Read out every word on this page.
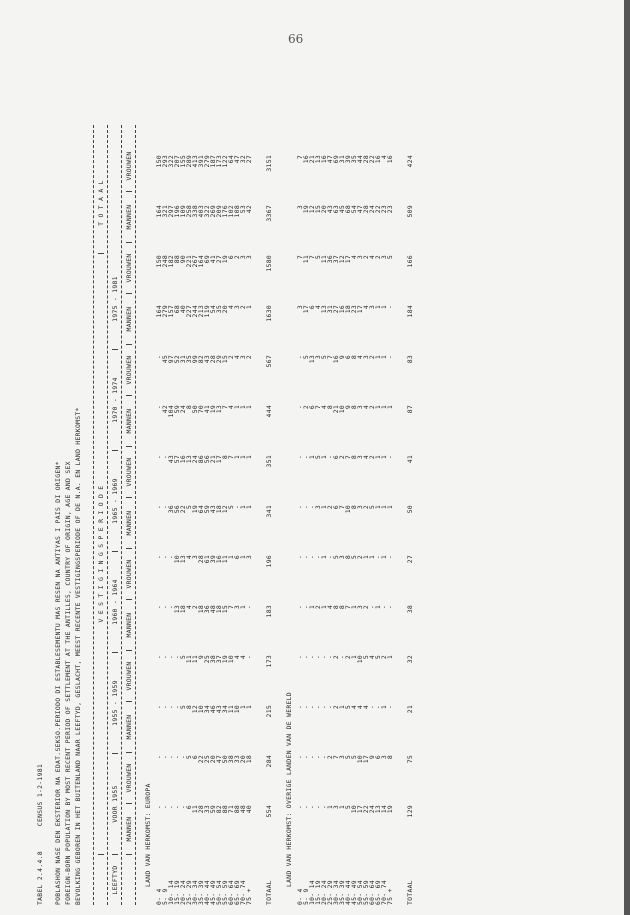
66
TABEL 2.4.4.8      CENSUS 1-2-1981 POBLASHON NASE DEN EKSTERIOR NA EDAT.SEKSO.PERIODO DI ESTABLESEMENTU MAS RESEN NA ANTIYAS I PAIS DI ORIGEN* FOREIGN-BORN POPULATION BY MOST RECENT PERIOD OF SETTLEMENT AT THE ANTILLES, COUNTRY OF ORIGIN, AGE AND SEX BEVOLKING GEBOREN IN HET BUITENLAND NAAR LEEFTYD, GESLACHT, MEEST RECENTE VESTIGINGSPERIODE OF DE N.A. EN LAND HERKOMST*	V E S T I G I N G S P E R I O D E
T O T A A L
LEEFTYD
VOOR 1955
1955 - 1959
1960 - 1964
1965 - 1969
1970 - 1974
1975 - 1981
MANNEN
VROUWEN
MANNEN
VROUWEN
MANNEN
VROUWEN
MANNEN
VROUWEN
MANNEN
VROUWEN
MANNEN
VROUWEN
MANNEN
VROUWEN
LAND VAN HERKOMST: EUROPA
0- 4
-
-
-
-
-
-
-
-
-
-
164
150
164
150
5- 9
-
-
-
-
-
-
-
-
42
45
279
248
321
293
10- 14
-
-
-
-
-
-
36
43
104
97
157
182
297
322
15- 19
-
-
-
-
13
10
56
57
59
52
68
88
196
207
20- 24
-
-
5
5
18
13
22
16
24
31
40
90
109
155
25- 29
6
5
8
11
4
4
5
13
8
35
227
221
258
289
30- 34
11
6
12
11
2
3
19
24
50
99
244
267
338
413
35- 39
28
22
10
9
18
28
64
86
70
82
213
164
403
391
40- 44
33
25
34
25
36
61
59
56
41
43
119
69
322
279
45- 49
59
20
46
38
48
39
43
21
19
28
54
41
269
187
50- 54
82
47
43
37
18
16
18
17
13
29
35
27
209
173
55- 59
88
50
34
19
15
11
12
8
7
15
20
19
176
122
60- 64
71
38
11
10
7
1
5
7
4
2
4
6
102
64
65- 69
88
33
10
4
3
6
-
1
1
4
3
2
108
47
70- 74
48
20
1
4
1
1
1
1
1
3
2
3
53
32
75 +
40
18
1
-
-
3
1
1
1
2
1
3
42
27
TOTAAL
554
284
215
173
183
196
341
351
444
567
1630
1580
3367
3151
LAND VAN HERKOMST: OVERIGE LANDEN VAN DE WERELD
0- 4
-
-
-
-
-
-
-
-
-
-
3
7
3
7
5- 9
-
-
-
-
-
-
-
-
2
5
17
11
19
16
10- 14
-
-
-
-
1
-
-
1
6
13
6
7
12
21
15- 19
-
-
-
-
2
-
3
5
7
3
4
5
15
13
20- 24
-
-
-
-
1
1
1
1
4
5
13
11
20
16
25- 29
1
2
-
-
4
-
2
-
8
7
31
36
43
47
30- 34
3
7
2
2
8
5
6
6
21
16
27
37
63
69
35- 39
1
3
1
-
8
3
7
2
10
9
16
12
45
31
40- 44
5
5
5
2
7
8
10
7
9
6
18
17
68
39
45- 49
10
5
4
1
1
5
8
8
8
8
23
4
54
35
50- 54
17
10
4
10
3
2
3
3
3
4
17
3
47
44
55- 59
22
17
4
5
2
1
2
4
4
3
4
2
28
28
60- 64
24
9
-
4
-
1
5
2
2
2
3
4
24
22
65- 69
13
6
-
5
1
-
1
1
1
1
1
2
22
16
70- 74
14
3
1
2
-
1
1
1
1
1
1
3
23
4
75 +
19
8
-
1
-
-
1
-
1
-
-
5
23
16
TOTAAL
129
75
21
32
38
27
50
41
87
83
184
166
509
424
